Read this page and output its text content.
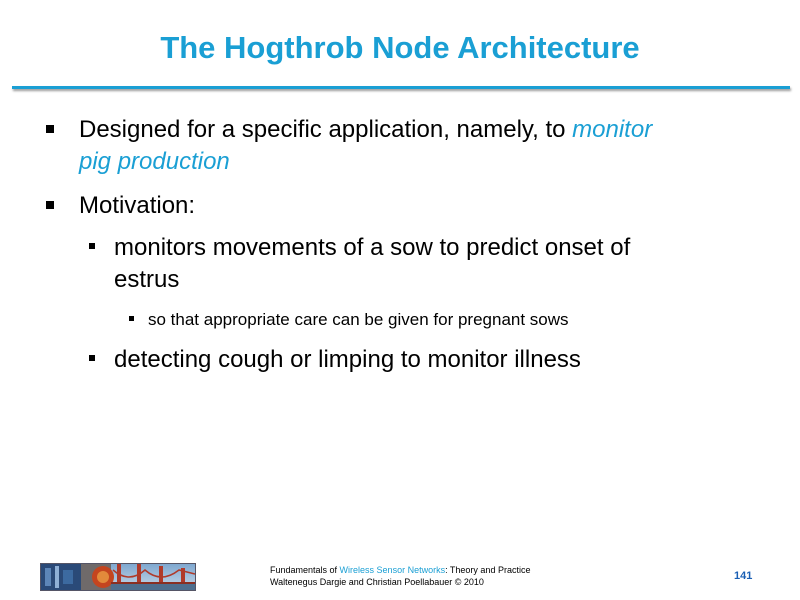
The Hogthrob Node Architecture
Designed for a specific application, namely, to monitor
pig production
Motivation:
monitors movements of a sow to predict onset of
estrus
so that appropriate care can be given for pregnant sows
detecting cough or limping to monitor illness
Fundamentals of Wireless Sensor Networks: Theory and Practice
Waltenegus Dargie and Christian Poellabauer © 2010	141
